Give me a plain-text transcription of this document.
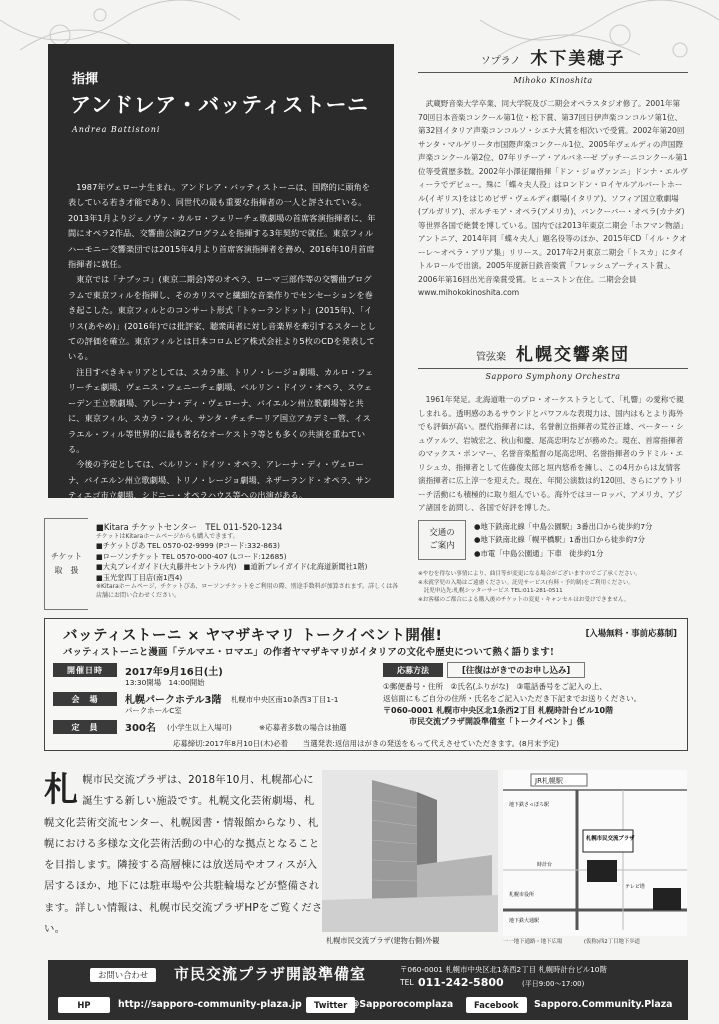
指揮
アンドレア・バッティストーニ
Andrea Battistoni

1987年ヴェローナ生まれ。アンドレア・バッティストーニは、国際的に頭角を表している若き才能であり、同世代の最も重要な指揮者の一人と評されている。2013年1月よりジェノヴァ・カルロ・フェリーチェ歌劇場の首席客演指揮者に、年間にオペラ2作品、交響曲公演2プログラムを指揮する3年契約で就任。東京フィルハーモニー交響楽団では2015年4月より首席客演指揮者を務め、2016年10月首席指揮者に就任。

東京では「ナブッコ」(東京二期会)等のオペラ、ローマ三部作等の交響曲プログラムで東京フィルを指揮し、そのカリスマと繊細な音楽作りでセンセーションを巻き起こした。東京フィルとのコンサート形式「トゥーランドット」(2015年)、「イリス(あやめ)」(2016年)では批評家、聴衆両者に対し音楽界を牽引するスターとしての評価を確立。東京フィルとは日本コロムビア株式会社より5枚のCDを発表している。

注目すべきキャリアとしては、スカラ座、トリノ・レージョ劇場、カルロ・フェリーチェ劇場、ヴェニス・フェニーチェ劇場、ベルリン・ドイツ・オペラ、スウェーデン王立歌劇場、アレーナ・ディ・ヴェローナ、バイエルン州立歌劇場等と共に、東京フィル、スカラ・フィル、サンタ・チェチーリア国立アカデミー管、イスラエル・フィル等世界的に最も著名なオーケストラ等とも多くの共演を重ねている。

今後の予定としては、ベルリン・ドイツ・オペラ、アレーナ・ディ・ヴェローナ、バイエルン州立歌劇場、トリノ・レージョ劇場、ネザーランド・オペラ、サンティエゴ市立劇場、シドニー・オペラハウス等への出演がある。

ソプラノ 木下美穂子
Mihoko Kinoshita

武蔵野音楽大学卒業、同大学院及び二期会オペラスタジオ修了。2001年第70回日本音楽コンクール第1位・松下賞、第37回日伊声楽コンコルソ第1位、第32回イタリア声楽コンコルソ・シエナ大賞を相次いで受賞。2002年第20回サンタ・マルゲリータ市国際声楽コンクール1位、2005年ヴェルディの声国際声楽コンクール第2位、07年リチーア・アルバネーゼ プッチーニコンクール第1位等受賞歴多数。2002年小澤征爾指揮「ドン・ジョヴァンニ」ドンナ・エルヴィーラでデビュー。殊に「蝶々夫人役」はロンドン・ロイヤルアルバートホール(イギリス)をはじめビザ・ヴェルディ劇場(イタリア)、ソフィア国立歌劇場(ブルガリア)、ボルチモア・オペラ(アメリカ)、バンクーバー・オペラ(カナダ)等世界各国で絶賛を博している。国内では2013年東京二期会「ホフマン物語」アントニア、2014年同「蝶々夫人」題名役等のほか、2015年CD「イル・クオーレ～オペラ・アリア集」リリース。2017年2月東京二期会「トスカ」にタイトルロールで出演。2005年度新日鉄音楽賞「フレッシュアーティスト賞」、2006年第16回出光音楽賞受賞。ヒューストン在住。二期会会員 www.mihokokinoshita.com

管弦楽 札幌交響楽団
Sapporo Symphony Orchestra

1961年発足。北海道唯一のプロ・オーケストラとして、「札響」の愛称で親しまれる。透明感のあるサウンドとパワフルな表現力は、国内はもとより海外でも評価が高い。歴代指揮者には、名誉創立指揮者の荒谷正雄、ペーター・シュヴァルツ、岩城宏之、秋山和慶、尾高忠明などが務めた。現在、首席指揮者のマックス・ポンマー、名誉音楽監督の尾高忠明、名誉指揮者のラドミル・エリシュカ、指揮者として佐藤俊太郎と垣内悠希を擁し、この4月からは友情客演指揮者に広上淳一を迎えた。現在、年間公演数は約120回、さらにアウトリーチ活動にも積極的に取り組んでいる。海外ではヨーロッパ、アメリカ、アジア諸国を訪問し、各国で好評を博した。

チケット
取　扱
■Kitara チケットセンター　TEL 011-520-1234
チケットはKitaraホームページからも購入できます。
■チケットぴあ TEL 0570-02-9999 (Pコード:332-863)
■ローソンチケット TEL 0570-000-407 (Lコード:12685)
■大丸プレイガイド(大丸藤井セントラル内)　■道新プレイガイド(北海道新聞社1階)
■玉光堂四丁目店(南1西4)
※Kitaraホームページ、チケットぴあ、ローソンチケットをご利用の際、別途手数料が加算されます。詳しくは各店舗にお問い合わせください。
交通の
ご案内
●地下鉄南北線「中島公園駅」3番出口から徒歩約7分
●地下鉄南北線「幌平橋駅」1番出口から徒歩約7分
●市電「中島公園通」下車　徒歩約1分
※やむを得ない事情により、曲目等が変更になる場合がございますのでご了承ください。
※未就学児の入場はご遠慮ください。託児サービス(有料・予約制)をご利用ください。
　託児申込先:札幌シッターサービス TEL:011-281-0511
※お客様のご都合による購入後のチケットの変更・キャンセルはお受けできません。
バッティストーニ × ヤマザキマリ トークイベント開催!	[入場無料・事前応募制]
バッティストーニと漫画「テルマエ・ロマエ」の作者ヤマザキマリがイタリアの文化や歴史について熱く語ります!
開催日時	2017年9月16日(土)
13:30開場　14:00開始
会　場	札幌パークホテル3階 札幌市中央区南10条西3丁目1-1
パークホールC室
定　員	300名 (小学生以上入場可)	※応募者多数の場合は抽選
応募方法	[往復はがきでのお申し込み]
①郵便番号・住所　②氏名(ふりがな)　③電話番号をご記入の上、
返信面にもご自分の住所・氏名をご記入いただき下記までお送りください。
〒060-0001 札幌市中央区北1条西2丁目 札幌時計台ビル10階
市民交流プラザ開設準備室「トークイベント」係
応募締切:2017年8月10日(木)必着　　当選発表:返信用はがきの発送をもって代えさせていただきます。(8月末予定)
札 幌市民交流プラザは、2018年10月、札幌都心に誕生する新しい施設です。札幌文化芸術劇場、札幌文化芸術交流センター、札幌図書・情報館からなり、札幌における多様な文化芸術活動の中心的な拠点となることを目指します。隣接する高層棟には放送局やオフィスが入居するほか、地下には駐車場や公共駐輪場などが整備されます。詳しい情報は、札幌市民交流プラザHPをご覧ください。
札幌市民交流プラザ(建物右側)外観
JR札幌駅
地下鉄さっぽろ駅
地下鉄大通駅
時計台
札幌市民交流プラザ
テレビ塔
札幌市役所
一一地下通路・地下広場　　　　(仮称)西2丁目地下歩道
お問い合わせ	市民交流プラザ開設準備室	〒060-0001 札幌市中央区北1条西2丁目 札幌時計台ビル10階
TEL 011-242-5800	(平日9:00～17:00)
HP	http://sapporo-community-plaza.jp	Twitter @Sapporocomplaza	Facebook	Sapporo.Community.Plaza
